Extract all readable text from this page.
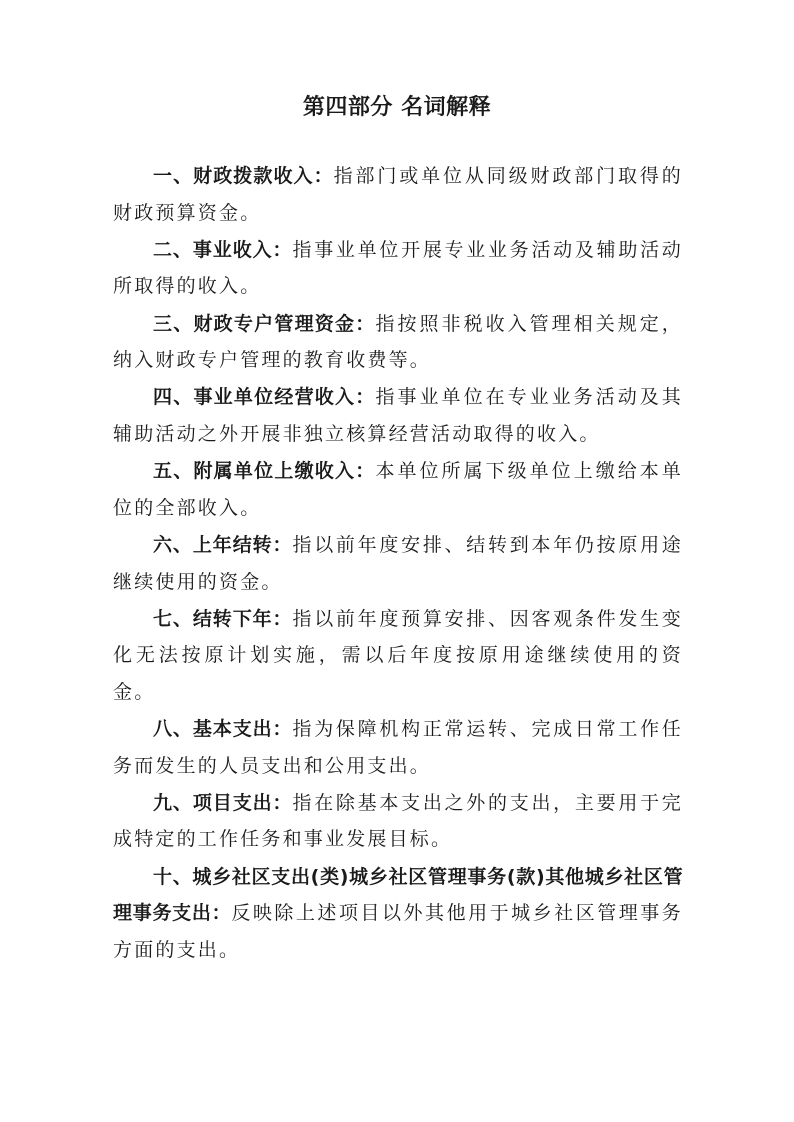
第四部分 名词解释

一、财政拨款收入：指部门或单位从同级财政部门取得的财政预算资金。

二、事业收入：指事业单位开展专业业务活动及辅助活动所取得的收入。

三、财政专户管理资金：指按照非税收入管理相关规定，纳入财政专户管理的教育收费等。

四、事业单位经营收入：指事业单位在专业业务活动及其辅助活动之外开展非独立核算经营活动取得的收入。

五、附属单位上缴收入：本单位所属下级单位上缴给本单位的全部收入。

六、上年结转：指以前年度安排、结转到本年仍按原用途继续使用的资金。

七、结转下年：指以前年度预算安排、因客观条件发生变化无法按原计划实施，需以后年度按原用途继续使用的资金。

八、基本支出：指为保障机构正常运转、完成日常工作任务而发生的人员支出和公用支出。

九、项目支出：指在除基本支出之外的支出，主要用于完成特定的工作任务和事业发展目标。

十、城乡社区支出(类)城乡社区管理事务(款)其他城乡社区管理事务支出：反映除上述项目以外其他用于城乡社区管理事务方面的支出。
